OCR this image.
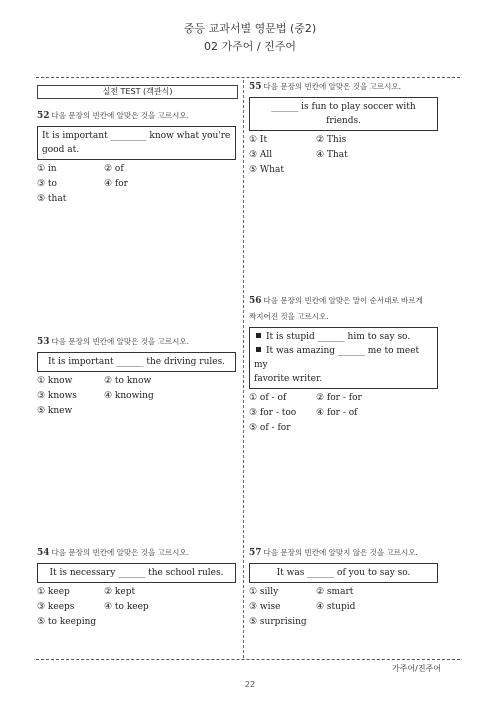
중등 교과서별 영문법 (중2)
02 가주어 / 진주어
실전 TEST (객관식)
52 다음 문장의 빈칸에 알맞은 것을 고르시오.
It is important ________ know what you're
good at.
① in	② of
③ to	④ for
⑤ that
53 다음 문장의 빈칸에 알맞은 것을 고르시오.
It is important ______ the driving rules.
① know	② to know
③ knows	④ knowing
⑤ knew
54 다음 문장의 빈칸에 알맞은 것을 고르시오.
It is necessary ______ the school rules.
① keep	② kept
③ keeps	④ to keep
⑤ to keeping
55 다음 문장의 빈칸에 알맞은 것을 고르시오.
______ is fun to play soccer with friends.
① It	② This
③ All	④ That
⑤ What
56 다음 문장의 빈칸에 알맞은 말이 순서대로 바르게
짝지어진 것을 고르시오.
It is stupid ______ him to say so.
It was amazing ______ me to meet my
favorite writer.
① of - of	② for - for
③ for - too	④ for - of
⑤ of - for
57 다음 문장의 빈칸에 알맞지 않은 것을 고르시오.
It was ______ of you to say so.
① silly	② smart
③ wise	④ stupid
⑤ surprising
가주어/진주어
22
